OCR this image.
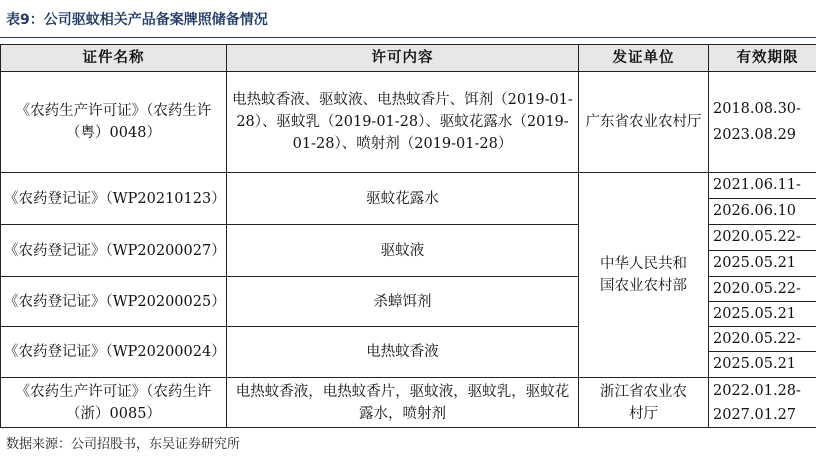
表9：公司驱蚊相关产品备案牌照储备情况
证件名称	许可内容	发证单位	有效期限
《农药生产许可证》（农药生许（粤）0048）	电热蚊香液、驱蚊液、电热蚊香片、饵剂（2019-01-28）、驱蚊乳（2019-01-28）、驱蚊花露水（2019-01-28）、喷射剂（2019-01-28）	广东省农业农村厅	2018.08.30-
2023.08.29

《农药登记证》（WP20210123）	驱蚊花露水	中华人民共和国农业农村部	2021.06.11-
2026.06.10

《农药登记证》（WP20200027）	驱蚊液		2020.05.22-
2025.05.21

《农药登记证》（WP20200025）	杀蟑饵剂		2020.05.22-
2025.05.21

《农药登记证》（WP20200024）	电热蚊香液		2020.05.22-
2025.05.21

《农药生产许可证》（农药生许（浙）0085）	电热蚊香液，电热蚊香片，驱蚊液，驱蚊乳，驱蚊花露水，喷射剂	浙江省农业农村厅	2022.01.28-
2027.01.27
数据来源：公司招股书，东吴证券研究所
